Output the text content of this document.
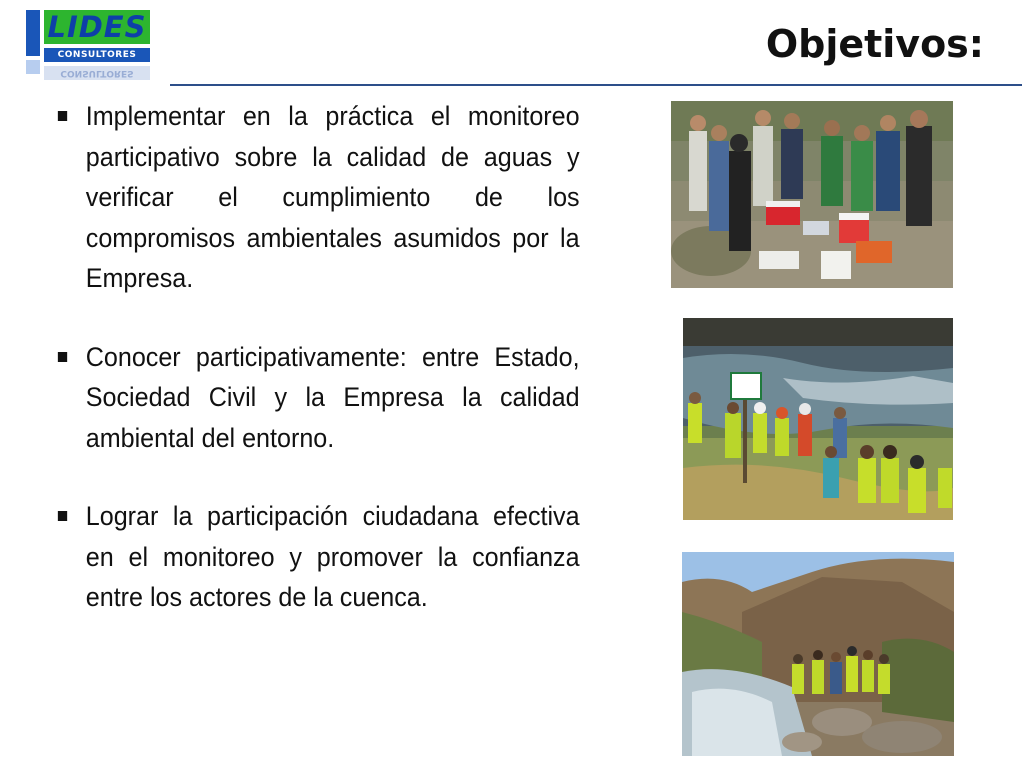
LIDES
CONSULTORES
CONSULTORES
Objetivos:
Implementar en la práctica el monitoreo participativo sobre la calidad de aguas y verificar el cumplimiento de los compromisos ambientales asumidos por la Empresa.
Conocer participativamente: entre Estado, Sociedad Civil y la Empresa la calidad ambiental del entorno.
Lograr la participación ciudadana efectiva en el monitoreo y promover la confianza entre los actores de la cuenca.
